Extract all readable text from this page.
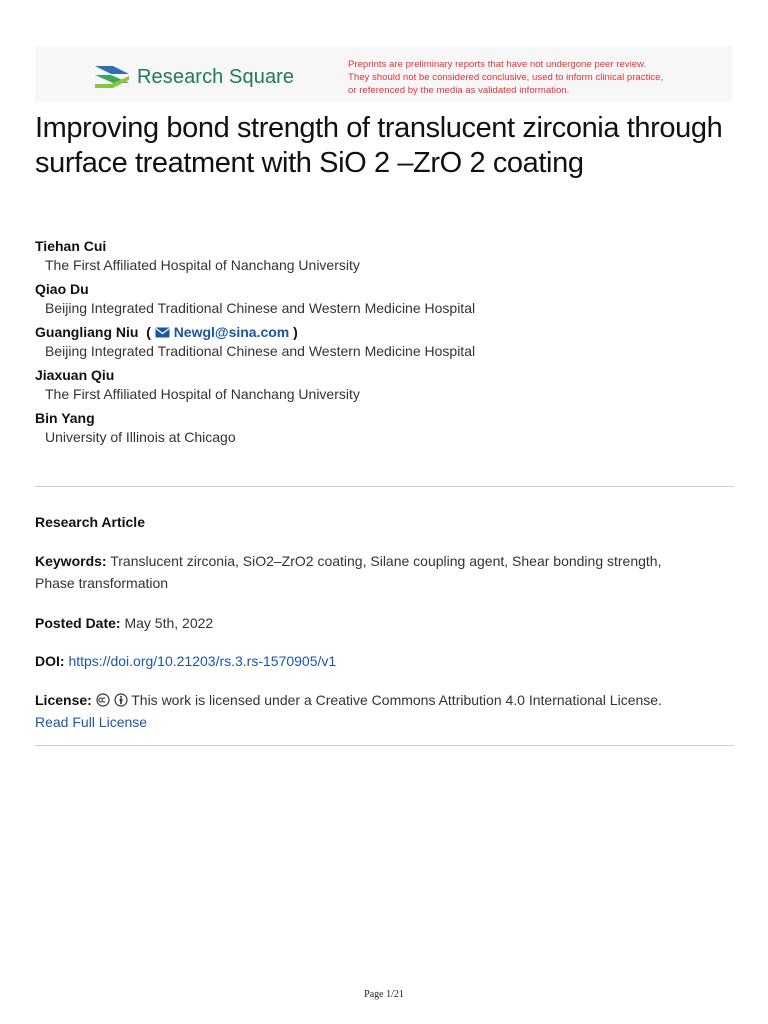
Research Square
Preprints are preliminary reports that have not undergone peer review.
They should not be considered conclusive, used to inform clinical practice,
or referenced by the media as validated information.
Improving bond strength of translucent zirconia through surface treatment with SiO 2 –ZrO 2 coating
Tiehan Cui
The First Affiliated Hospital of Nanchang University
Qiao Du
Beijing Integrated Traditional Chinese and Western Medicine Hospital
Guangliang Niu  ( Newgl@sina.com )
Beijing Integrated Traditional Chinese and Western Medicine Hospital
Jiaxuan Qiu
The First Affiliated Hospital of Nanchang University
Bin Yang
University of Illinois at Chicago
Research Article
Keywords: Translucent zirconia, SiO2–ZrO2 coating, Silane coupling agent, Shear bonding strength,
Phase transformation
Posted Date: May 5th, 2022
DOI: https://doi.org/10.21203/rs.3.rs-1570905/v1
License:	This work is licensed under a Creative Commons Attribution 4.0 International License.
Read Full License
Page 1/21
